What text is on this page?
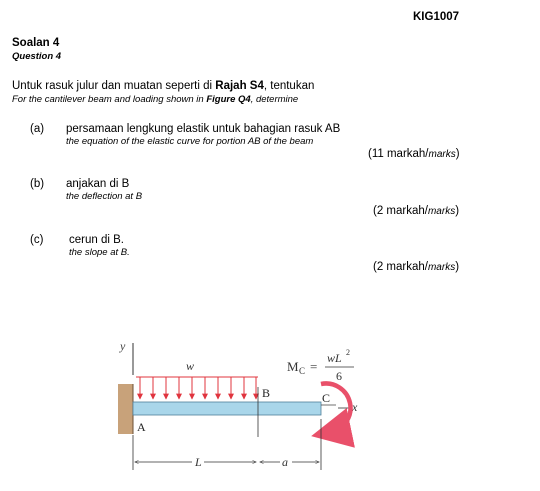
KIG1007
Soalan 4
Question 4
Untuk rasuk julur dan muatan seperti di Rajah S4, tentukan
For the cantilever beam and loading shown in Figure Q4, determine
(a) persamaan lengkung elastik untuk bahagian rasuk AB
the equation of the elastic curve for portion AB of the beam
(11 markah/marks)
(b) anjakan di B
the deflection at B
(2 markah/marks)
(c) cerun di B.
the slope at B.
(2 markah/marks)
y
w
B
A
C
x
M C =
wL 2
6
L	a
